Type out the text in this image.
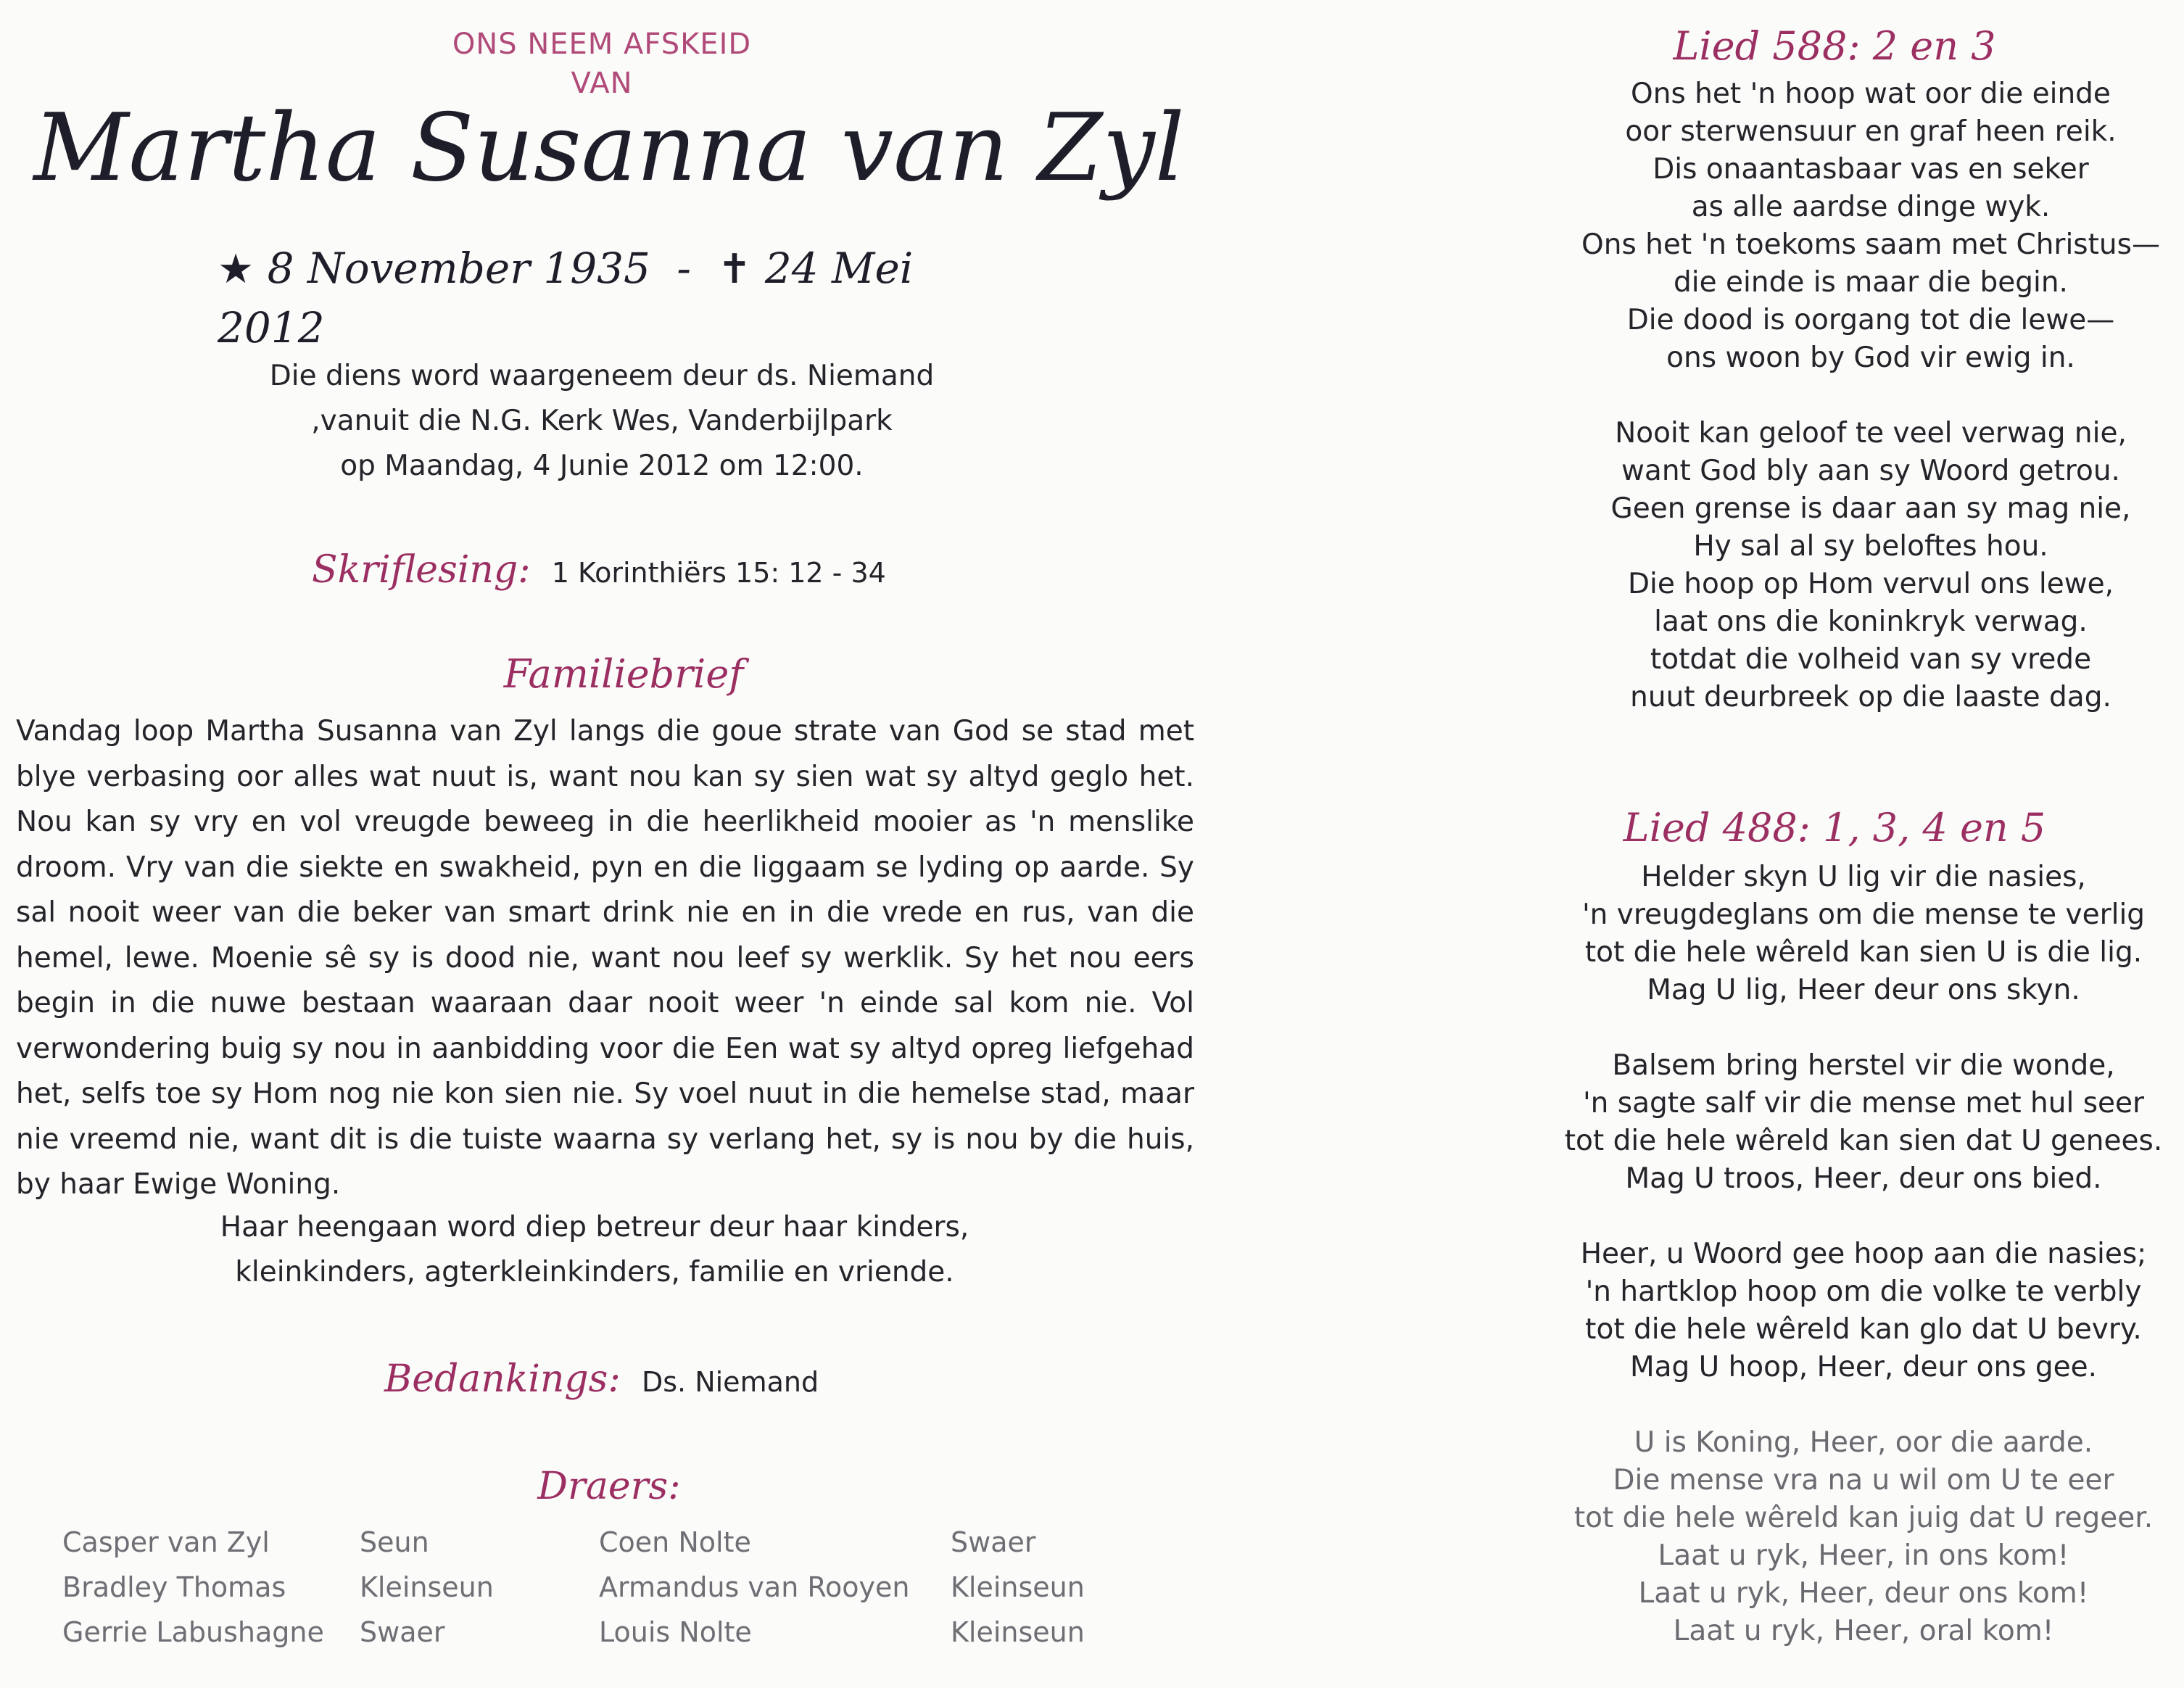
ONS NEEM AFSKEID
VAN
Martha Susanna van Zyl
★ 8 November 1935 - ✝ 24 Mei 2012
Die diens word waargeneem deur ds. Niemand
,vanuit die N.G. Kerk Wes, Vanderbijlpark
op Maandag, 4 Junie 2012 om 12:00.
Skriflesing: 1 Korinthiërs 15: 12 - 34
Familiebrief
Vandag loop Martha Susanna van Zyl langs die goue strate van God se stad met blye verbasing oor alles wat nuut is, want nou kan sy sien wat sy altyd geglo het. Nou kan sy vry en vol vreugde beweeg in die heerlikheid mooier as 'n menslike droom. Vry van die siekte en swakheid, pyn en die liggaam se lyding op aarde. Sy sal nooit weer van die beker van smart drink nie en in die vrede en rus, van die hemel, lewe. Moenie sê sy is dood nie, want nou leef sy werklik. Sy het nou eers begin in die nuwe bestaan waaraan daar nooit weer 'n einde sal kom nie. Vol verwondering buig sy nou in aanbidding voor die Een wat sy altyd opreg liefgehad het, selfs toe sy Hom nog nie kon sien nie. Sy voel nuut in die hemelse stad, maar nie vreemd nie, want dit is die tuiste waarna sy verlang het, sy is nou by die huis, by haar Ewige Woning.
Haar heengaan word diep betreur deur haar kinders,
kleinkinders, agterkleinkinders, familie en vriende.
Bedankings: Ds. Niemand
Draers:
Casper van Zyl	Seun	Coen Nolte	Swaer
Bradley Thomas	Kleinseun	Armandus van Rooyen	Kleinseun
Gerrie Labushagne	Swaer	Louis Nolte	Kleinseun
Lied 588: 2 en 3
Ons het 'n hoop wat oor die einde
oor sterwensuur en graf heen reik.
Dis onaantasbaar vas en seker
as alle aardse dinge wyk.
Ons het 'n toekoms saam met Christus—
die einde is maar die begin.
Die dood is oorgang tot die lewe—
ons woon by God vir ewig in.
Nooit kan geloof te veel verwag nie,
want God bly aan sy Woord getrou.
Geen grense is daar aan sy mag nie,
Hy sal al sy beloftes hou.
Die hoop op Hom vervul ons lewe,
laat ons die koninkryk verwag.
totdat die volheid van sy vrede
nuut deurbreek op die laaste dag.
Lied 488: 1, 3, 4 en 5
Helder skyn U lig vir die nasies,
'n vreugdeglans om die mense te verlig
tot die hele wêreld kan sien U is die lig.
Mag U lig, Heer deur ons skyn.
Balsem bring herstel vir die wonde,
'n sagte salf vir die mense met hul seer
tot die hele wêreld kan sien dat U genees.
Mag U troos, Heer, deur ons bied.
Heer, u Woord gee hoop aan die nasies;
'n hartklop hoop om die volke te verbly
tot die hele wêreld kan glo dat U bevry.
Mag U hoop, Heer, deur ons gee.
U is Koning, Heer, oor die aarde.
Die mense vra na u wil om U te eer
tot die hele wêreld kan juig dat U regeer.
Laat u ryk, Heer, in ons kom!
Laat u ryk, Heer, deur ons kom!
Laat u ryk, Heer, oral kom!
